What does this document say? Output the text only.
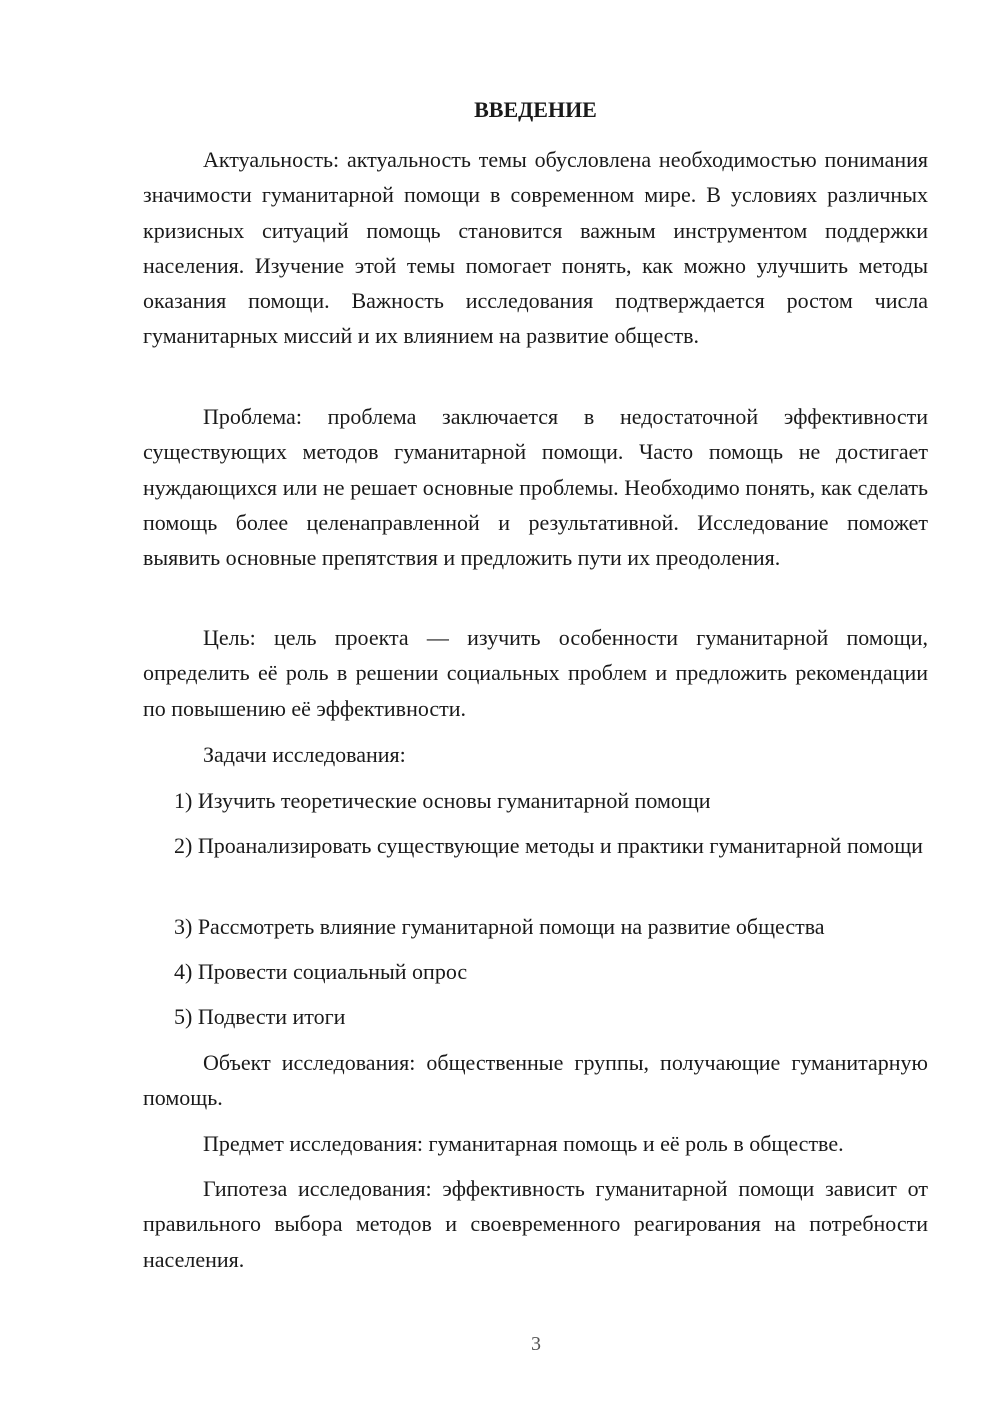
ВВЕДЕНИЕ

Актуальность: актуальность темы обусловлена необходимостью понимания значимости гуманитарной помощи в современном мире. В условиях различных кризисных ситуаций помощь становится важным инструментом поддержки населения. Изучение этой темы помогает понять, как можно улучшить методы оказания помощи. Важность исследования подтверждается ростом числа гуманитарных миссий и их влиянием на развитие обществ.

Проблема: проблема заключается в недостаточной эффективности существующих методов гуманитарной помощи. Часто помощь не достигает нуждающихся или не решает основные проблемы. Необходимо понять, как сделать помощь более целенаправленной и результативной. Исследование поможет выявить основные препятствия и предложить пути их преодоления.

Цель: цель проекта — изучить особенности гуманитарной помощи, определить её роль в решении социальных проблем и предложить рекомендации по повышению её эффективности.

Задачи исследования:

1) Изучить теоретические основы гуманитарной помощи

2) Проанализировать существующие методы и практики гуманитарной помощи

3) Рассмотреть влияние гуманитарной помощи на развитие общества

4) Провести социальный опрос

5) Подвести итоги

Объект исследования: общественные группы, получающие гуманитарную помощь.

Предмет исследования: гуманитарная помощь и её роль в обществе.

Гипотеза исследования: эффективность гуманитарной помощи зависит от правильного выбора методов и своевременного реагирования на потребности населения.

3
